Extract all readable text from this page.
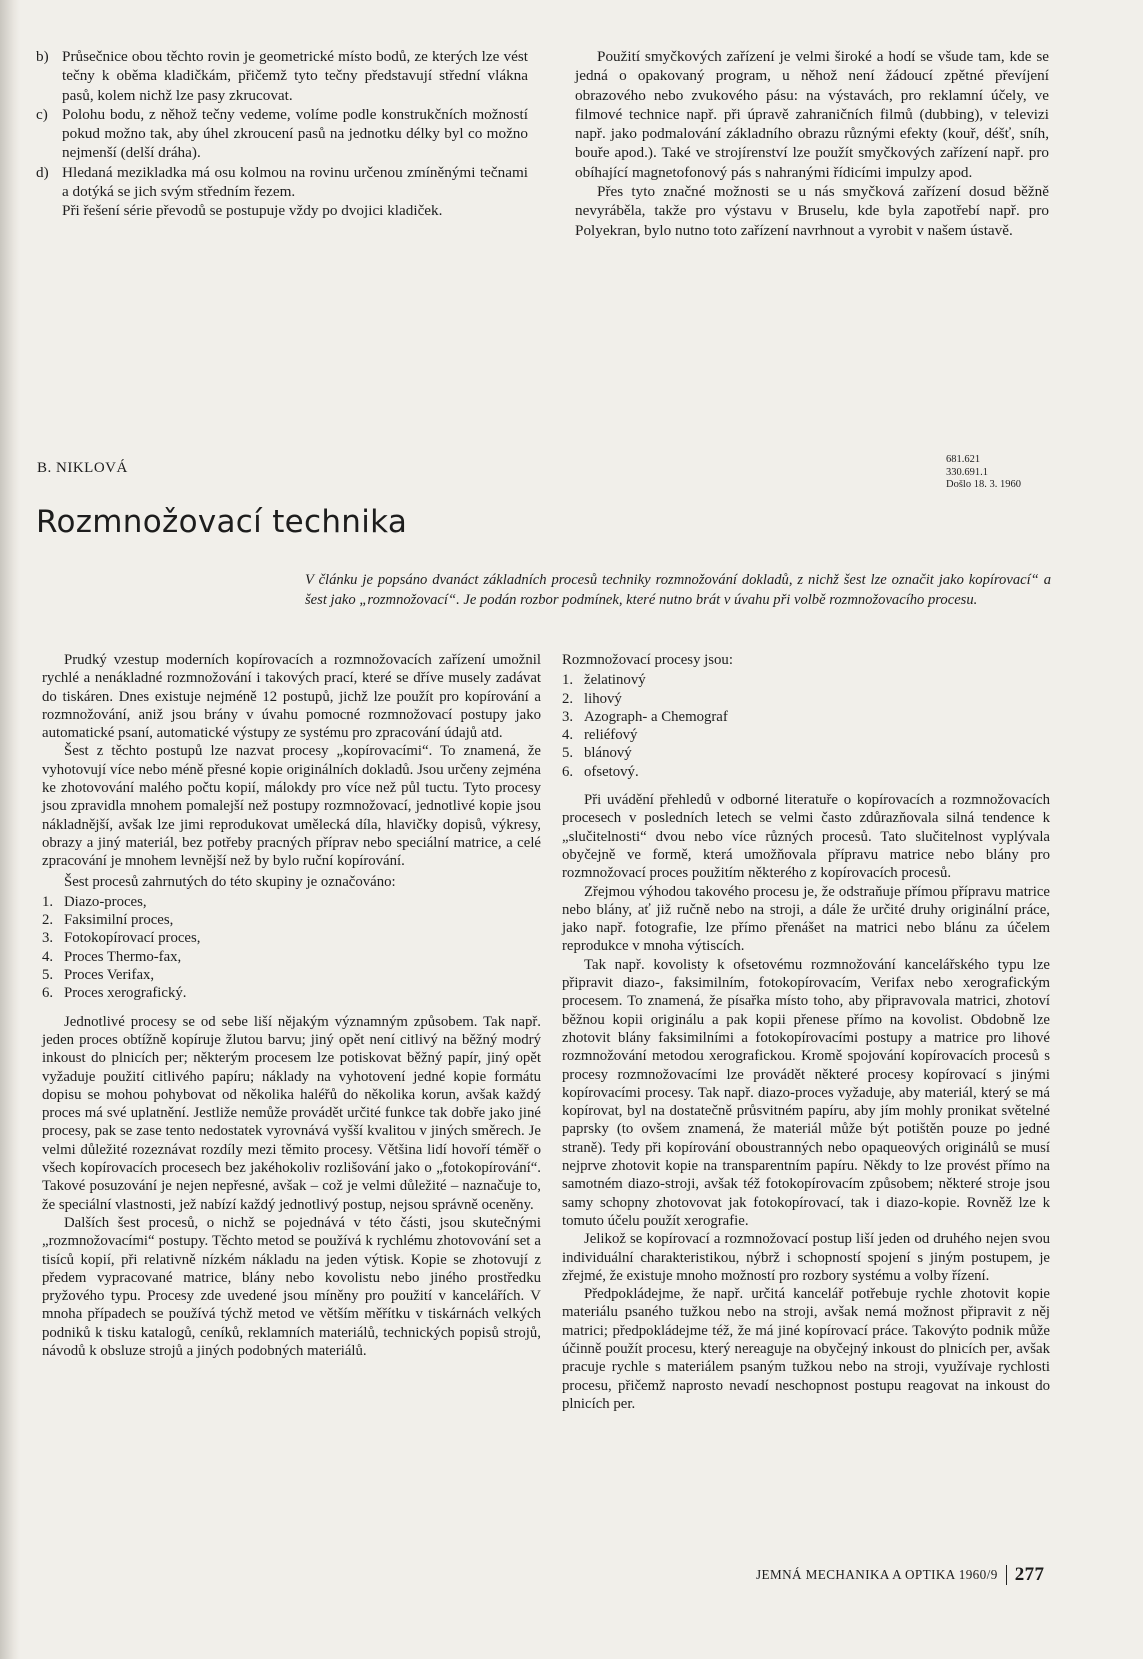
b) Průsečnice obou těchto rovin je geometrické místo bodů, ze kterých lze vést tečny k oběma kladičkám, přičemž tyto tečny představují střední vlákna pasů, kolem nichž lze pasy zkrucovat.
c) Polohu bodu, z něhož tečny vedeme, volíme podle konstrukčních možností pokud možno tak, aby úhel zkroucení pasů na jednotku délky byl co možno nejmenší (delší dráha).
d) Hledaná mezikladka má osu kolmou na rovinu určenou zmíněnými tečnami a dotýká se jich svým středním řezem.

Při řešení série převodů se postupuje vždy po dvojici kladiček.

Použití smyčkových zařízení je velmi široké a hodí se všude tam, kde se jedná o opakovaný program, u něhož není žádoucí zpětné převíjení obrazového nebo zvukového pásu: na výstavách, pro reklamní účely, ve filmové technice např. při úpravě zahraničních filmů (dubbing), v televizi např. jako podmalování základního obrazu různými efekty (kouř, déšť, sníh, bouře apod.). Také ve strojírenství lze použít smyčkových zařízení např. pro obíhající magnetofonový pás s nahranými řídicími impulzy apod.

Přes tyto značné možnosti se u nás smyčková zařízení dosud běžně nevyráběla, takže pro výstavu v Bruselu, kde byla zapotřebí např. pro Polyekran, bylo nutno toto zařízení navrhnout a vyrobit v našem ústavě.

B. NIKLOVÁ
681.621
330.691.1
Došlo 18. 3. 1960
Rozmnožovací technika
V článku je popsáno dvanáct základních procesů techniky rozmnožování dokladů, z nichž šest lze označit jako kopírovací“ a šest jako „rozmnožovací“. Je podán rozbor podmínek, které nutno brát v úvahu při volbě rozmnožovacího procesu.

Prudký vzestup moderních kopírovacích a rozmnožovacích zařízení umožnil rychlé a nenákladné rozmnožování i takových prací, které se dříve musely zadávat do tiskáren. Dnes existuje nejméně 12 postupů, jichž lze použít pro kopírování a rozmnožování, aniž jsou brány v úvahu pomocné rozmnožovací postupy jako automatické psaní, automatické výstupy ze systému pro zpracování údajů atd.

Šest z těchto postupů lze nazvat procesy „kopírovacími“. To znamená, že vyhotovují více nebo méně přesné kopie originálních dokladů. Jsou určeny zejména ke zhotovování malého počtu kopií, málokdy pro více než půl tuctu. Tyto procesy jsou zpravidla mnohem pomalejší než postupy rozmnožovací, jednotlivé kopie jsou nákladnější, avšak lze jimi reprodukovat umělecká díla, hlavičky dopisů, výkresy, obrazy a jiný materiál, bez potřeby pracných příprav nebo speciální matrice, a celé zpracování je mnohem levnější než by bylo ruční kopírování.

Šest procesů zahrnutých do této skupiny je označováno:

1. Diazo-proces,
2. Faksimilní proces,
3. Fotokopírovací proces,
4. Proces Thermo-fax,
5. Proces Verifax,
6. Proces xerografický.

Jednotlivé procesy se od sebe liší nějakým významným způsobem. Tak např. jeden proces obtížně kopíruje žlutou barvu; jiný opět není citlivý na běžný modrý inkoust do plnicích per; některým procesem lze potiskovat běžný papír, jiný opět vyžaduje použití citlivého papíru; náklady na vyhotovení jedné kopie formátu dopisu se mohou pohybovat od několika haléřů do několika korun, avšak každý proces má své uplatnění. Jestliže nemůže provádět určité funkce tak dobře jako jiné procesy, pak se zase tento nedostatek vyrovnává vyšší kvalitou v jiných směrech. Je velmi důležité rozeznávat rozdíly mezi těmito procesy. Většina lidí hovoří téměř o všech kopírovacích procesech bez jakéhokoliv rozlišování jako o „fotokopírování“. Takové posuzování je nejen nepřesné, avšak – což je velmi důležité – naznačuje to, že speciální vlastnosti, jež nabízí každý jednotlivý postup, nejsou správně oceněny.

Dalších šest procesů, o nichž se pojednává v této části, jsou skutečnými „rozmnožovacími“ postupy. Těchto metod se používá k rychlému zhotovování set a tisíců kopií, při relativně nízkém nákladu na jeden výtisk. Kopie se zhotovují z předem vypracované matrice, blány nebo kovolistu nebo jiného prostředku pryžového typu. Procesy zde uvedené jsou míněny pro použití v kancelářích. V mnoha případech se používá týchž metod ve větším měřítku v tiskárnách velkých podniků k tisku katalogů, ceníků, reklamních materiálů, technických popisů strojů, návodů k obsluze strojů a jiných podobných materiálů.

Rozmnožovací procesy jsou:

1. želatinový
2. lihový
3. Azograph- a Chemograf
4. reliéfový
5. blánový
6. ofsetový.

Při uvádění přehledů v odborné literatuře o kopírovacích a rozmnožovacích procesech v posledních letech se velmi často zdůrazňovala silná tendence k „slučitelnosti“ dvou nebo více různých procesů. Tato slučitelnost vyplývala obyčejně ve formě, která umožňovala přípravu matrice nebo blány pro rozmnožovací proces použitím některého z kopírovacích procesů.

Zřejmou výhodou takového procesu je, že odstraňuje přímou přípravu matrice nebo blány, ať již ručně nebo na stroji, a dále že určité druhy originální práce, jako např. fotografie, lze přímo přenášet na matrici nebo blánu za účelem reprodukce v mnoha výtiscích.

Tak např. kovolisty k ofsetovému rozmnožování kancelářského typu lze připravit diazo-, faksimilním, fotokopírovacím, Verifax nebo xerografickým procesem. To znamená, že písařka místo toho, aby připravovala matrici, zhotoví běžnou kopii originálu a pak kopii přenese přímo na kovolist. Obdobně lze zhotovit blány faksimilními a fotokopírovacími postupy a matrice pro lihové rozmnožování metodou xerografickou. Kromě spojování kopírovacích procesů s procesy rozmnožovacími lze provádět některé procesy kopírovací s jinými kopírovacími procesy. Tak např. diazo-proces vyžaduje, aby materiál, který se má kopírovat, byl na dostatečně průsvitném papíru, aby jím mohly pronikat světelné paprsky (to ovšem znamená, že materiál může být potištěn pouze po jedné straně). Tedy při kopírování oboustranných nebo opaqueových originálů se musí nejprve zhotovit kopie na transparentním papíru. Někdy to lze provést přímo na samotném diazo-stroji, avšak též fotokopírovacím způsobem; některé stroje jsou samy schopny zhotovovat jak fotokopírovací, tak i diazo-kopie. Rovněž lze k tomuto účelu použít xerografie.

Jelikož se kopírovací a rozmnožovací postup liší jeden od druhého nejen svou individuální charakteristikou, nýbrž i schopností spojení s jiným postupem, je zřejmé, že existuje mnoho možností pro rozbory systému a volby řízení.

Předpokládejme, že např. určitá kancelář potřebuje rychle zhotovit kopie materiálu psaného tužkou nebo na stroji, avšak nemá možnost připravit z něj matrici; předpokládejme též, že má jiné kopírovací práce. Takovýto podnik může účinně použít procesu, který nereaguje na obyčejný inkoust do plnicích per, avšak pracuje rychle s materiálem psaným tužkou nebo na stroji, využívaje rychlosti procesu, přičemž naprosto nevadí neschopnost postupu reagovat na inkoust do plnicích per.

JEMNÁ MECHANIKA A OPTIKA 1960/9 277
